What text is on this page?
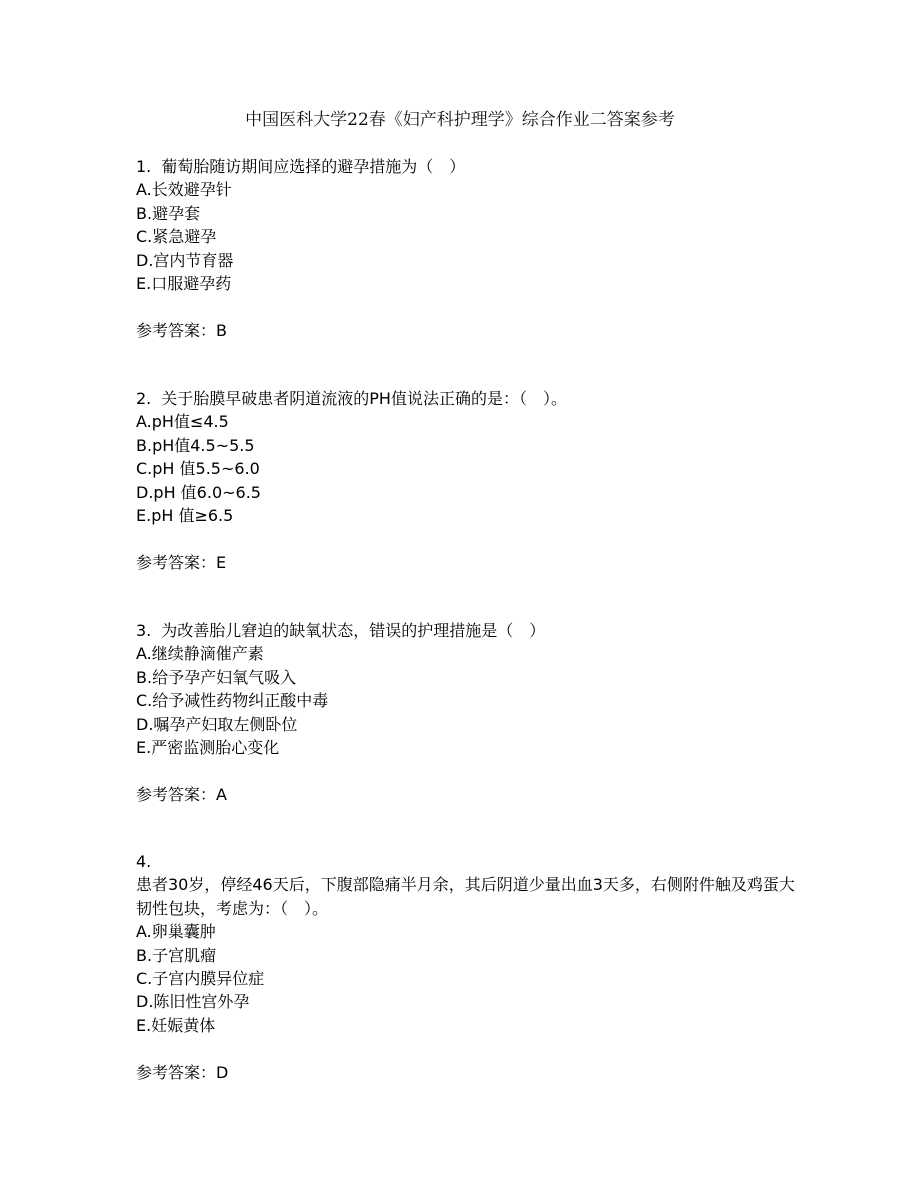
中国医科大学22春《妇产科护理学》综合作业二答案参考
1. 葡萄胎随访期间应选择的避孕措施为（　）
A.长效避孕针
B.避孕套
C.紧急避孕
D.宫内节育器
E.口服避孕药
参考答案：B
2. 关于胎膜早破患者阴道流液的PH值说法正确的是：（　）。
A.pH值≤4.5
B.pH值4.5~5.5
C.pH 值5.5~6.0
D.pH 值6.0~6.5
E.pH 值≥6.5
参考答案：E
3. 为改善胎儿窘迫的缺氧状态，错误的护理措施是（　）
A.继续静滴催产素
B.给予孕产妇氧气吸入
C.给予减性药物纠正酸中毒
D.嘱孕产妇取左侧卧位
E.严密监测胎心变化
参考答案：A
4.
患者30岁，停经46天后，下腹部隐痛半月余，其后阴道少量出血3天多，右侧附件触及鸡蛋大韧性包块，考虑为：（　）。
A.卵巢囊肿
B.子宫肌瘤
C.子宫内膜异位症
D.陈旧性宫外孕
E.妊娠黄体
参考答案：D
